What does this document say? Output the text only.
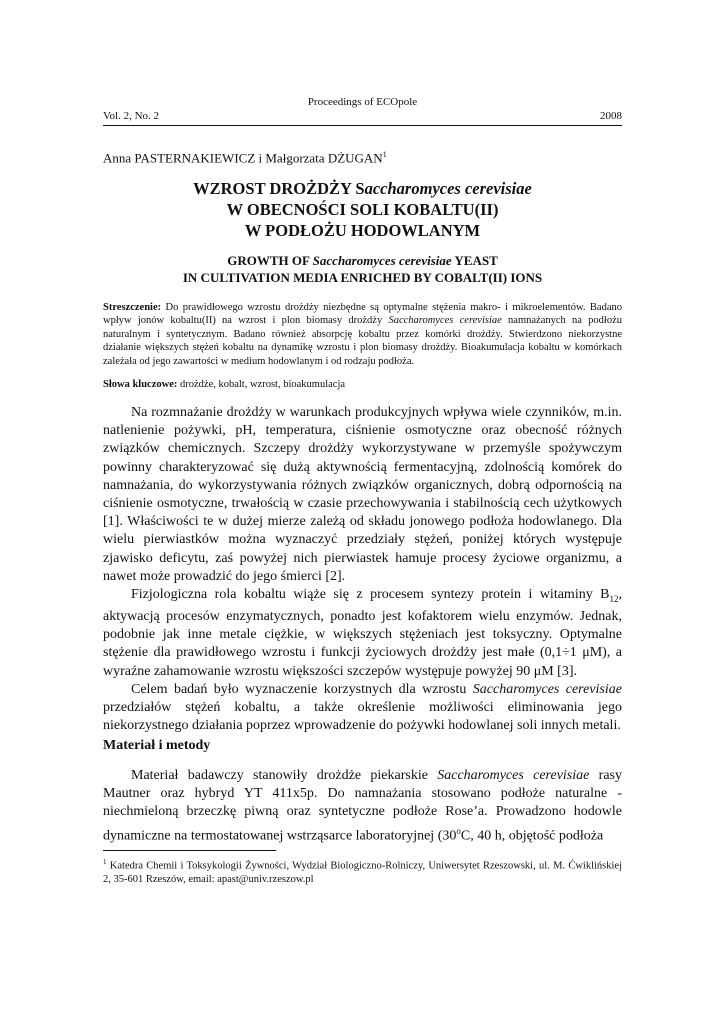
Proceedings of ECOpole
Vol. 2, No. 2	2008
Anna PASTERNAKIEWICZ i Małgorzata DŻUGAN$^1$
WZROST DROŻDŻY Saccharomyces cerevisiae
W OBECNOŚCI SOLI KOBALTU(II)
W PODŁOŻU HODOWLANYM
GROWTH OF Saccharomyces cerevisiae YEAST
IN CULTIVATION MEDIA ENRICHED BY COBALT(II) IONS
Streszczenie: Do prawidłowego wzrostu drożdży niezbędne są optymalne stężenia makro- i mikroelementów. Badano wpływ jonów kobaltu(II) na wzrost i plon biomasy drożdży Saccharomyces cerevisiae namnażanych na podłożu naturalnym i syntetycznym. Badano również absorpcję kobaltu przez komórki drożdży. Stwierdzono niekorzystne działanie większych stężeń kobaltu na dynamikę wzrostu i plon biomasy drożdży. Bioakumulacja kobaltu w komórkach zależała od jego zawartości w medium hodowlanym i od rodzaju podłoża.
Słowa kluczowe: drożdże, kobalt, wzrost, bioakumulacja

Na rozmnażanie drożdży w warunkach produkcyjnych wpływa wiele czynników, m.in. natlenienie pożywki, pH, temperatura, ciśnienie osmotyczne oraz obecność różnych związków chemicznych. Szczepy drożdży wykorzystywane w przemyśle spożywczym powinny charakteryzować się dużą aktywnością fermentacyjną, zdolnością komórek do namnażania, do wykorzystywania różnych związków organicznych, dobrą odpornością na ciśnienie osmotyczne, trwałością w czasie przechowywania i stabilnością cech użytkowych [1]. Właściwości te w dużej mierze zależą od składu jonowego podłoża hodowlanego. Dla wielu pierwiastków można wyznaczyć przedziały stężeń, poniżej których występuje zjawisko deficytu, zaś powyżej nich pierwiastek hamuje procesy życiowe organizmu, a nawet może prowadzić do jego śmierci [2].

Fizjologiczna rola kobaltu wiąże się z procesem syntezy protein i witaminy $B_{12}$, aktywacją procesów enzymatycznych, ponadto jest kofaktorem wielu enzymów. Jednak, podobnie jak inne metale ciężkie, w większych stężeniach jest toksyczny. Optymalne stężenie dla prawidłowego wzrostu i funkcji życiowych drożdży jest małe (0,1÷1 μM), a wyraźne zahamowanie wzrostu większości szczepów występuje powyżej 90 μM [3].

Celem badań było wyznaczenie korzystnych dla wzrostu Saccharomyces cerevisiae przedziałów stężeń kobaltu, a także określenie możliwości eliminowania jego niekorzystnego działania poprzez wprowadzenie do pożywki hodowlanej soli innych metali.

Materiał i metody

Materiał badawczy stanowiły drożdże piekarskie Saccharomyces cerevisiae rasy Mautner oraz hybryd YT 411x5p. Do namnażania stosowano podłoże naturalne - niechmieloną brzeczkę piwną oraz syntetyczne podłoże Rose’a. Prowadzono hodowle dynamiczne na termostatowanej wstrząsarce laboratoryjnej (30$^o$C, 40 h, objętość podłoża

$^1$ Katedra Chemii i Toksykologii Żywności, Wydział Biologiczno-Rolniczy, Uniwersytet Rzeszowski, ul. M. Ćwiklińskiej 2, 35-601 Rzeszów, email: apast@univ.rzeszow.pl
